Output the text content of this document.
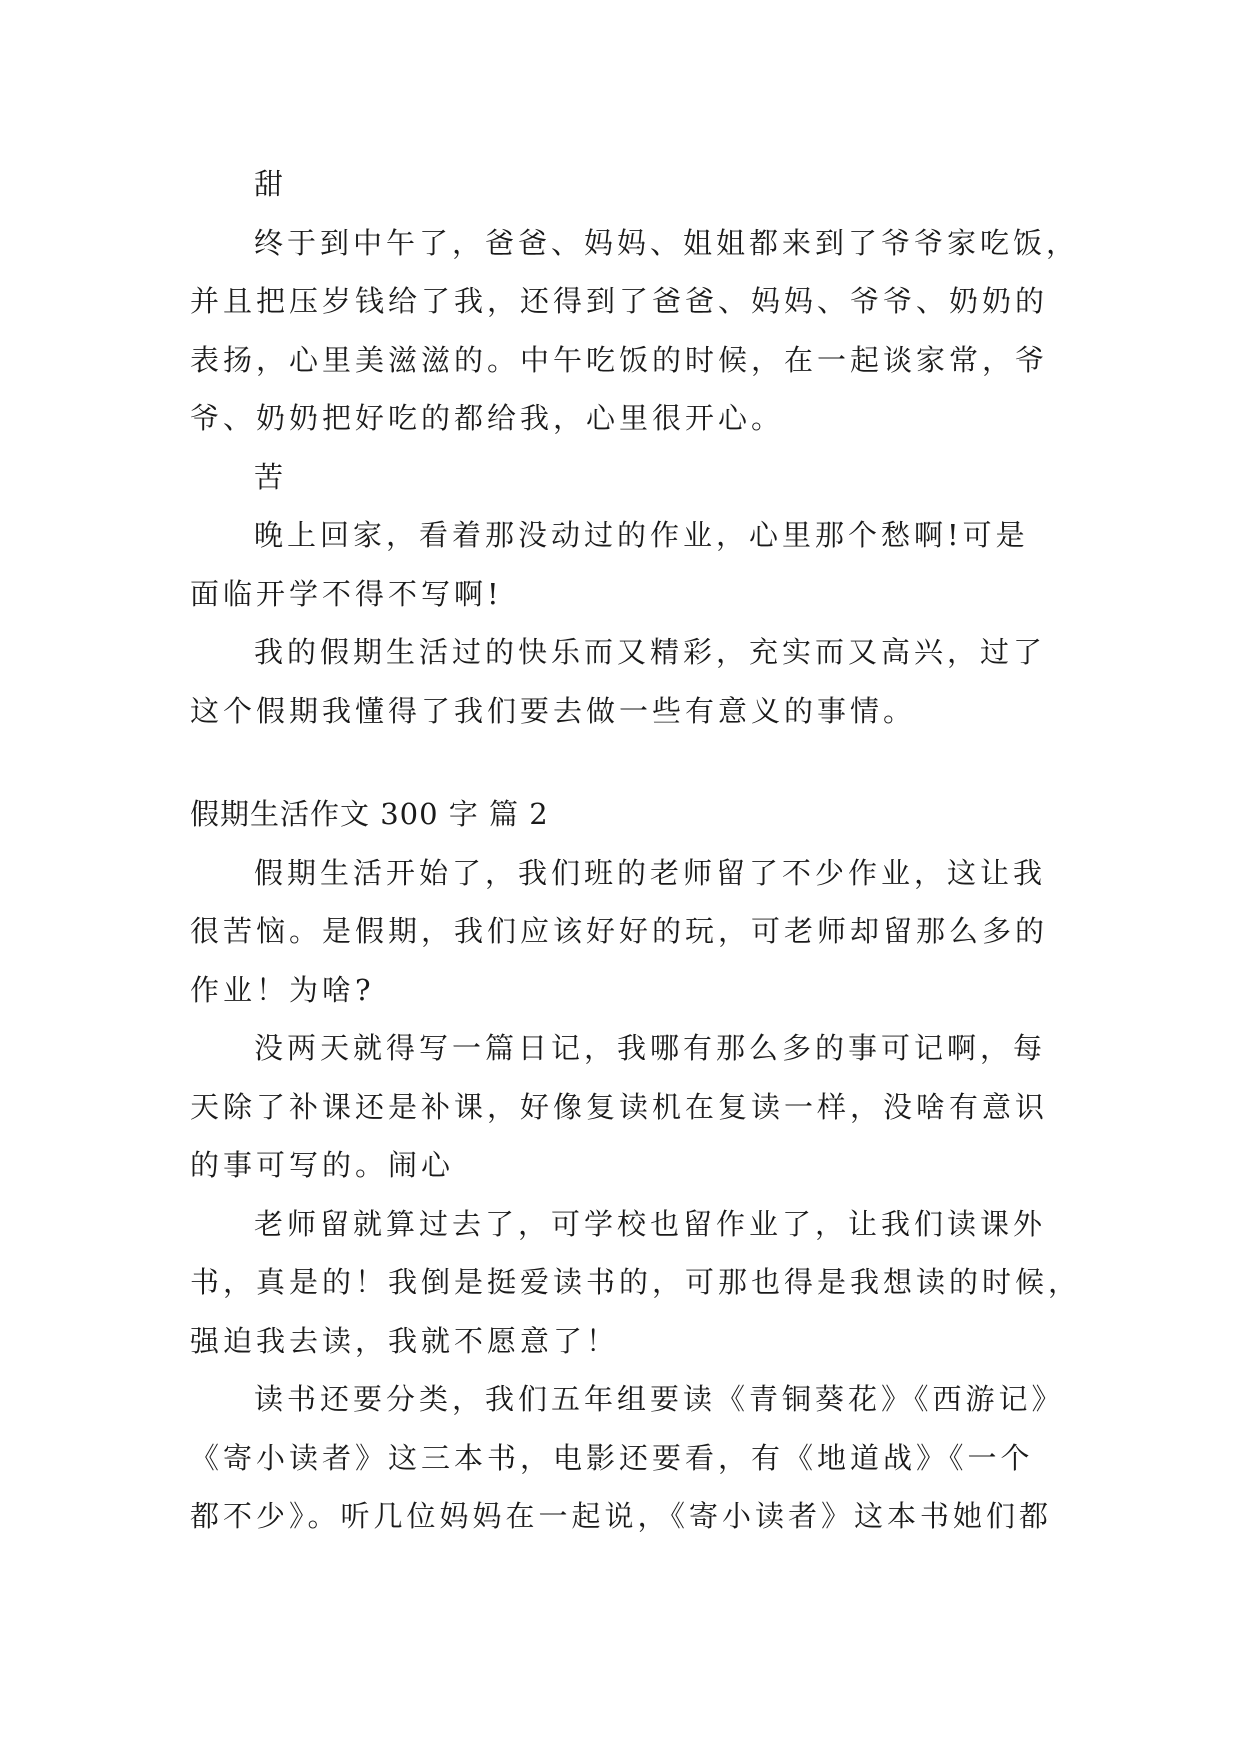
甜
终于到中午了，爸爸、妈妈、姐姐都来到了爷爷家吃饭，
并且把压岁钱给了我，还得到了爸爸、妈妈、爷爷、奶奶的
表扬，心里美滋滋的。中午吃饭的时候，在一起谈家常，爷
爷、奶奶把好吃的都给我，心里很开心。
苦
晚上回家，看着那没动过的作业，心里那个愁啊!可是
面临开学不得不写啊!
我的假期生活过的快乐而又精彩，充实而又高兴，过了
这个假期我懂得了我们要去做一些有意义的事情。
假期生活作文 300 字 篇 2
假期生活开始了，我们班的老师留了不少作业，这让我
很苦恼。是假期，我们应该好好的玩，可老师却留那么多的
作业！为啥?
没两天就得写一篇日记，我哪有那么多的事可记啊，每
天除了补课还是补课，好像复读机在复读一样，没啥有意识
的事可写的。闹心
老师留就算过去了，可学校也留作业了，让我们读课外
书，真是的！我倒是挺爱读书的，可那也得是我想读的时候，
强迫我去读，我就不愿意了！
读书还要分类，我们五年组要读《青铜葵花》《西游记》
《寄小读者》这三本书，电影还要看，有《地道战》《一个
都不少》。听几位妈妈在一起说，《寄小读者》这本书她们都
